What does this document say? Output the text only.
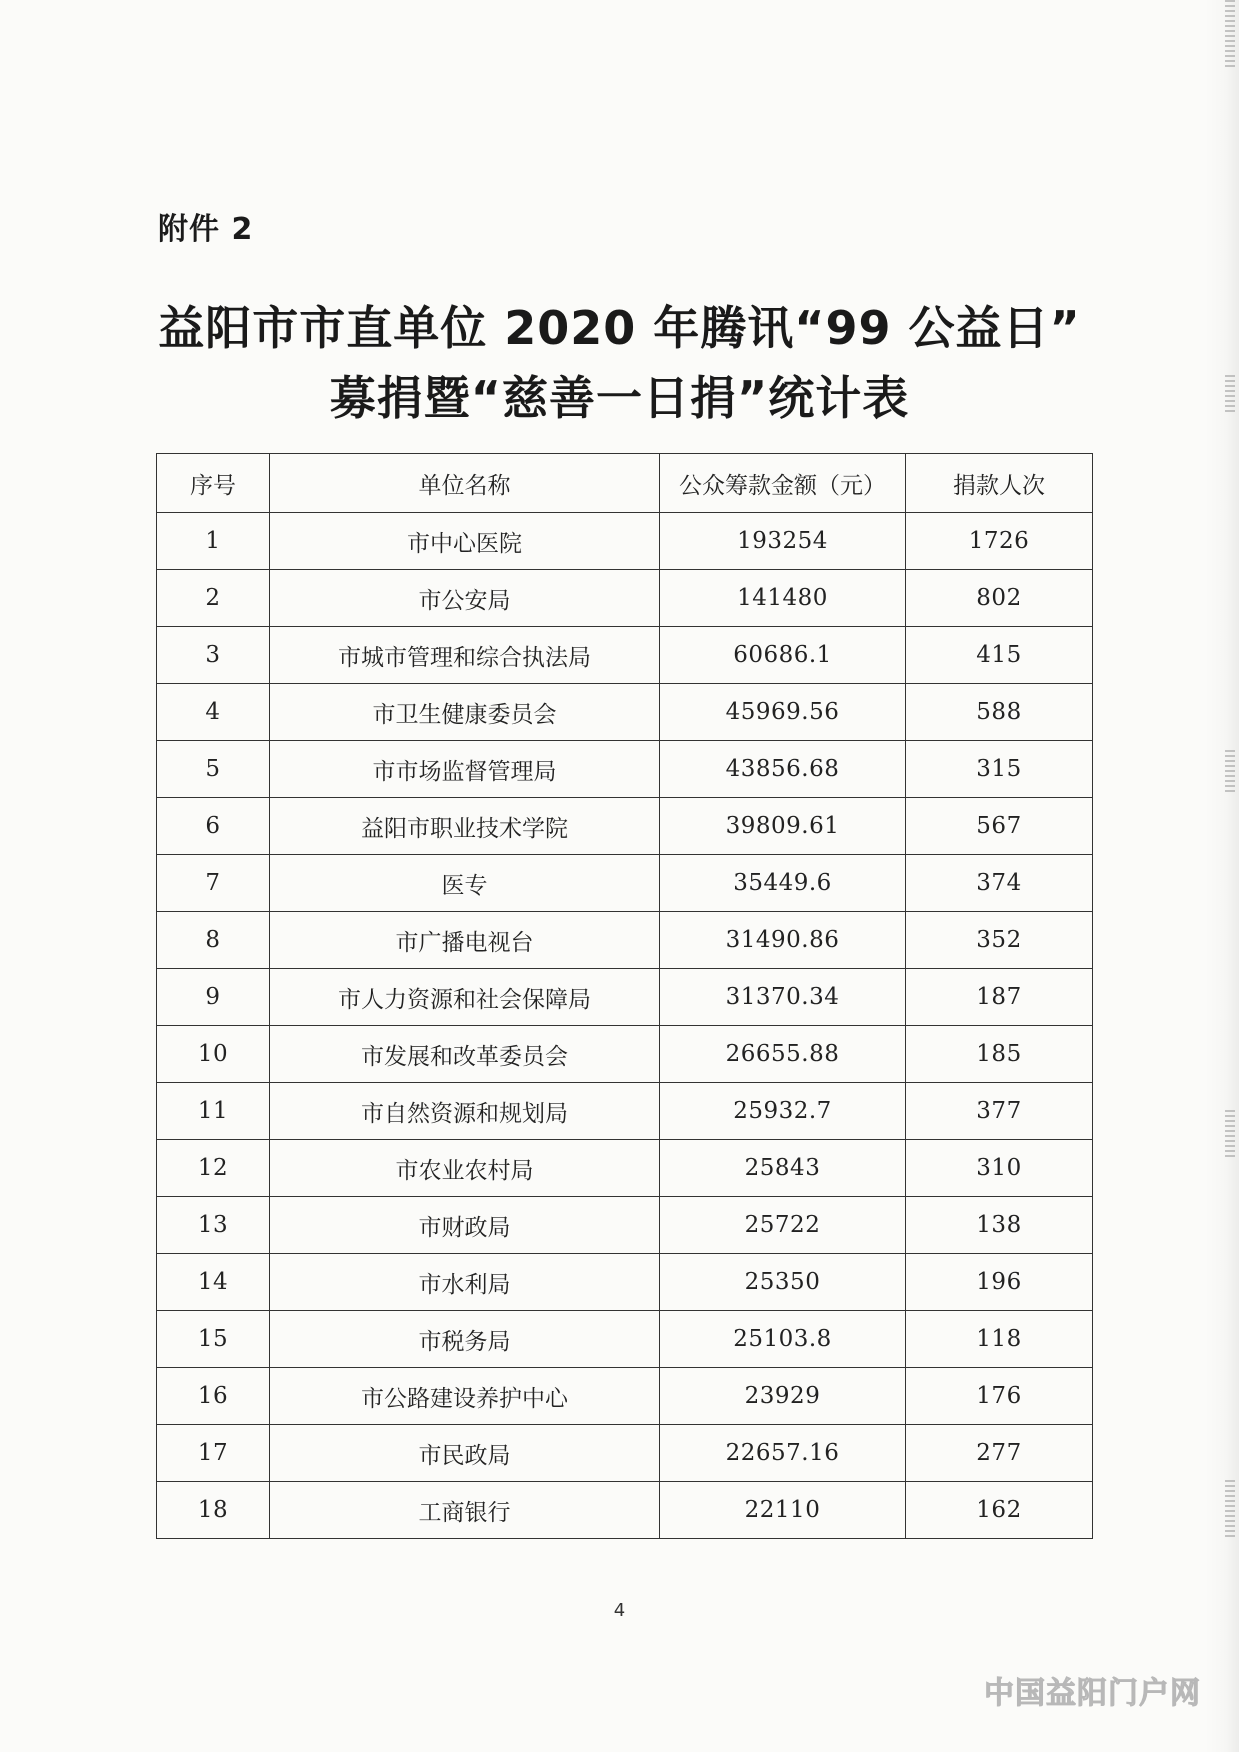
附件 2
益阳市市直单位 2020 年腾讯“99 公益日”
募捐暨“慈善一日捐”统计表
序号	单位名称	公众筹款金额（元）	捐款人次
1	市中心医院	193254	1726
2	市公安局	141480	802
3	市城市管理和综合执法局	60686.1	415
4	市卫生健康委员会	45969.56	588
5	市市场监督管理局	43856.68	315
6	益阳市职业技术学院	39809.61	567
7	医专	35449.6	374
8	市广播电视台	31490.86	352
9	市人力资源和社会保障局	31370.34	187
10	市发展和改革委员会	26655.88	185
11	市自然资源和规划局	25932.7	377
12	市农业农村局	25843	310
13	市财政局	25722	138
14	市水利局	25350	196
15	市税务局	25103.8	118
16	市公路建设养护中心	23929	176
17	市民政局	22657.16	277
18	工商银行	22110	162
4
中国益阳门户网
